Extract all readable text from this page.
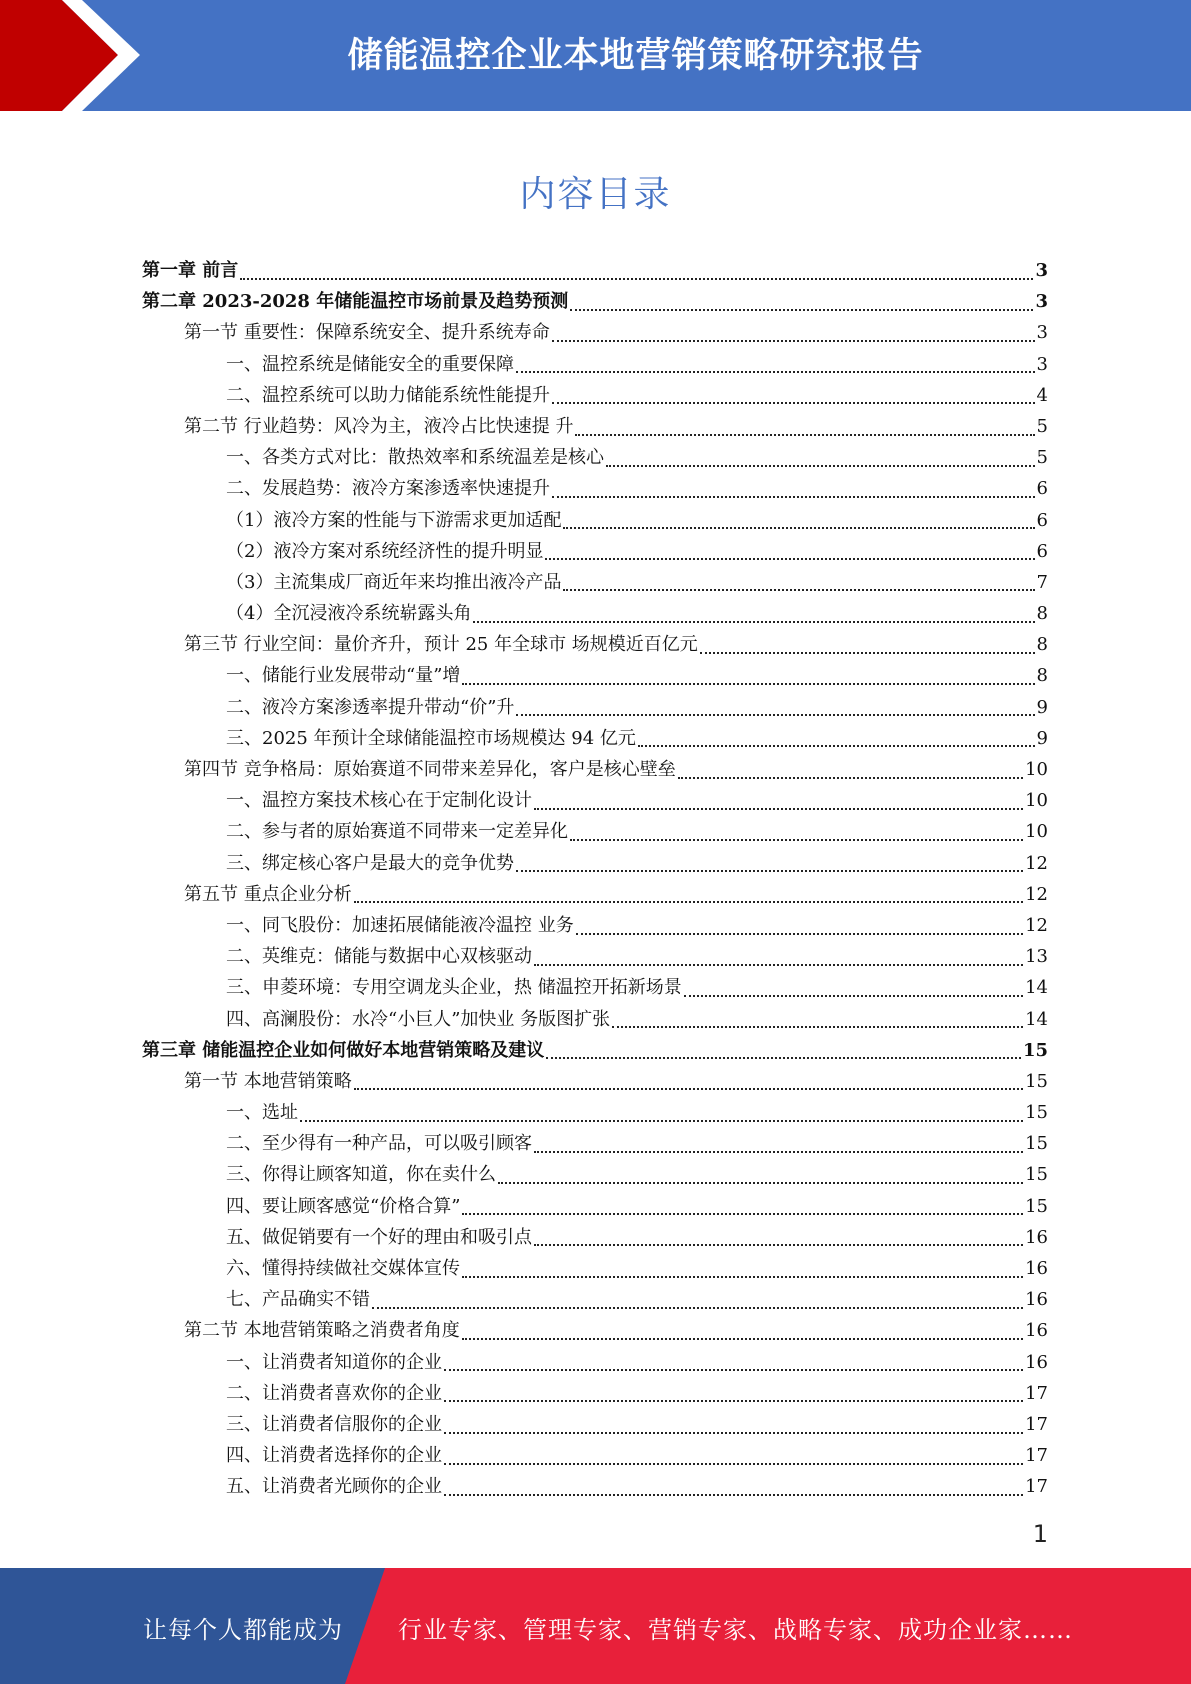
储能温控企业本地营销策略研究报告
内容目录
第一章 前言	3
第二章 2023-2028 年储能温控市场前景及趋势预测	3
第一节 重要性：保障系统安全、提升系统寿命	3
一、温控系统是储能安全的重要保障	3
二、温控系统可以助力储能系统性能提升	4
第二节 行业趋势：风冷为主，液冷占比快速提 升	5
一、各类方式对比：散热效率和系统温差是核心	5
二、发展趋势：液冷方案渗透率快速提升	6
（1）液冷方案的性能与下游需求更加适配	6
（2）液冷方案对系统经济性的提升明显	6
（3）主流集成厂商近年来均推出液冷产品	7
（4）全沉浸液冷系统崭露头角	8
第三节 行业空间：量价齐升，预计 25 年全球市 场规模近百亿元	8
一、储能行业发展带动“量”增	8
二、液冷方案渗透率提升带动“价”升	9
三、2025 年预计全球储能温控市场规模达 94 亿元	9
第四节 竞争格局：原始赛道不同带来差异化，客户是核心壁垒	10
一、温控方案技术核心在于定制化设计	10
二、参与者的原始赛道不同带来一定差异化	10
三、绑定核心客户是最大的竞争优势	12
第五节 重点企业分析	12
一、同飞股份：加速拓展储能液冷温控 业务	12
二、英维克：储能与数据中心双核驱动	13
三、申菱环境：专用空调龙头企业，热 储温控开拓新场景	14
四、高澜股份：水冷“小巨人”加快业 务版图扩张	14
第三章 储能温控企业如何做好本地营销策略及建议	15
第一节 本地营销策略	15
一、选址	15
二、至少得有一种产品，可以吸引顾客	15
三、你得让顾客知道，你在卖什么	15
四、要让顾客感觉“价格合算”	15
五、做促销要有一个好的理由和吸引点	16
六、懂得持续做社交媒体宣传	16
七、产品确实不错	16
第二节 本地营销策略之消费者角度	16
一、让消费者知道你的企业	16
二、让消费者喜欢你的企业	17
三、让消费者信服你的企业	17
四、让消费者选择你的企业	17
五、让消费者光顾你的企业	17
1
让每个人都能成为 行业专家、管理专家、营销专家、战略专家、成功企业家……
